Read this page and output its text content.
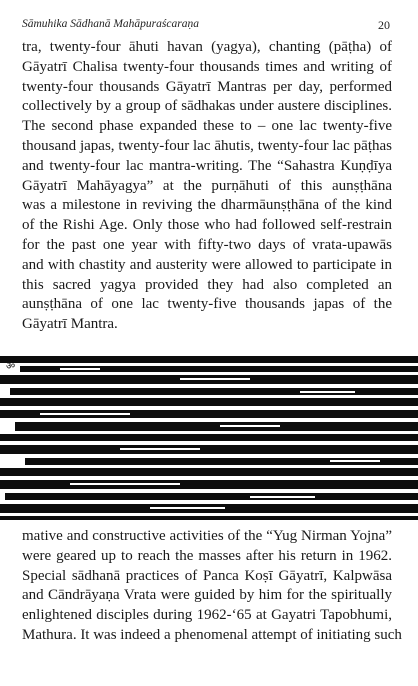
Sāmuhika Sādhanā Mahāpuraścaraṇa	20
tra, twenty-four āhuti havan (yagya), chanting (pāṭha) of
Gāyatrī Chalisa twenty-four thousands times and writing of
twenty-four thousands Gāyatrī Mantras per day, performed
collectively by a group of sādhakas under austere disciplines.
The second phase expanded these to – one lac twenty-five
thousand japas, twenty-four lac āhutis, twenty-four lac pāṭhas
and twenty-four lac mantra-writing. The “Sahastra Kuṇḍīya
Gāyatrī Mahāyagya” at the purṇāhuti of this aunṣṭhāna
was a milestone in reviving the dharmāunṣṭhāna of the kind
of the Rishi Age. Only those who had followed self-restrain
for the past one year with fifty-two days of vrata-upawās
and with chastity and austerity were allowed to participate in
this sacred yagya provided they had also completed an
aunṣṭhāna of one lac twenty-five thousands japas of the
Gāyatrī Mantra.
ॐ
mative and constructive activities of the “Yug Nirman Yojna”
were geared up to reach the masses after his return in 1962.
Special sādhanā practices of Panca Koṣī Gāyatrī, Kalpwāsa
and Cāndrāyaṇa Vrata were guided by him for the spiritually
enlightened disciples during 1962-‘65 at Gayatri Tapobhumi,
Mathura. It was indeed a phenomenal attempt of initiating such
